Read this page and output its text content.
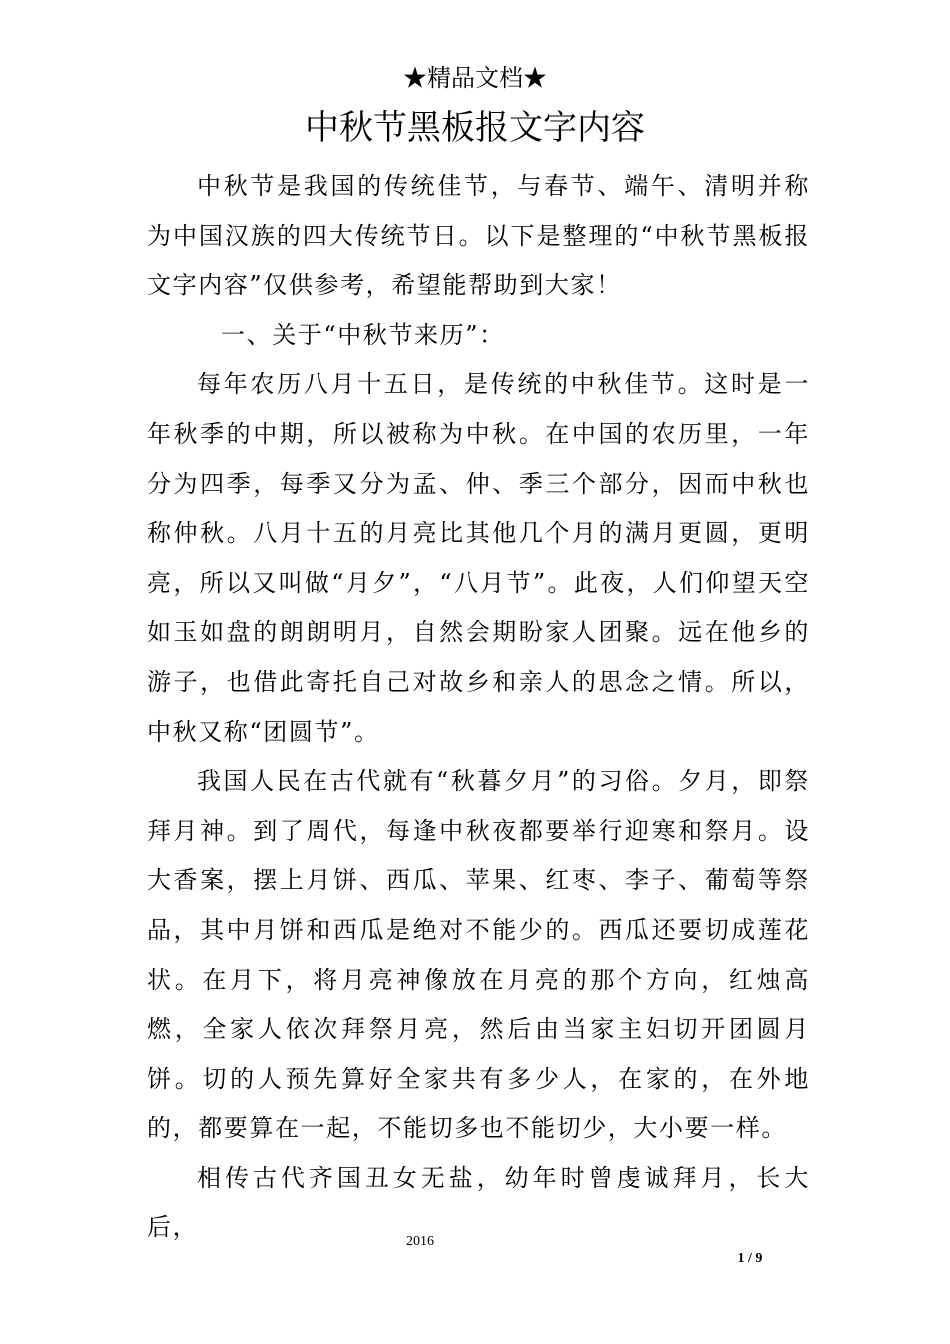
★精品文档★
中秋节黑板报文字内容

中秋节是我国的传统佳节，与春节、端午、清明并称为中国汉族的四大传统节日。以下是整理的“中秋节黑板报文字内容”仅供参考，希望能帮助到大家！

一、关于“中秋节来历”：

每年农历八月十五日，是传统的中秋佳节。这时是一年秋季的中期，所以被称为中秋。在中国的农历里，一年分为四季，每季又分为孟、仲、季三个部分，因而中秋也称仲秋。八月十五的月亮比其他几个月的满月更圆，更明亮，所以又叫做“月夕”，“八月节”。此夜，人们仰望天空如玉如盘的朗朗明月，自然会期盼家人团聚。远在他乡的游子，也借此寄托自己对故乡和亲人的思念之情。所以，中秋又称“团圆节”。

我国人民在古代就有“秋暮夕月”的习俗。夕月，即祭拜月神。到了周代，每逢中秋夜都要举行迎寒和祭月。设大香案，摆上月饼、西瓜、苹果、红枣、李子、葡萄等祭品，其中月饼和西瓜是绝对不能少的。西瓜还要切成莲花状。在月下，将月亮神像放在月亮的那个方向，红烛高燃，全家人依次拜祭月亮，然后由当家主妇切开团圆月饼。切的人预先算好全家共有多少人，在家的，在外地的，都要算在一起，不能切多也不能切少，大小要一样。

相传古代齐国丑女无盐，幼年时曾虔诚拜月，长大后，

2016
1 / 9
